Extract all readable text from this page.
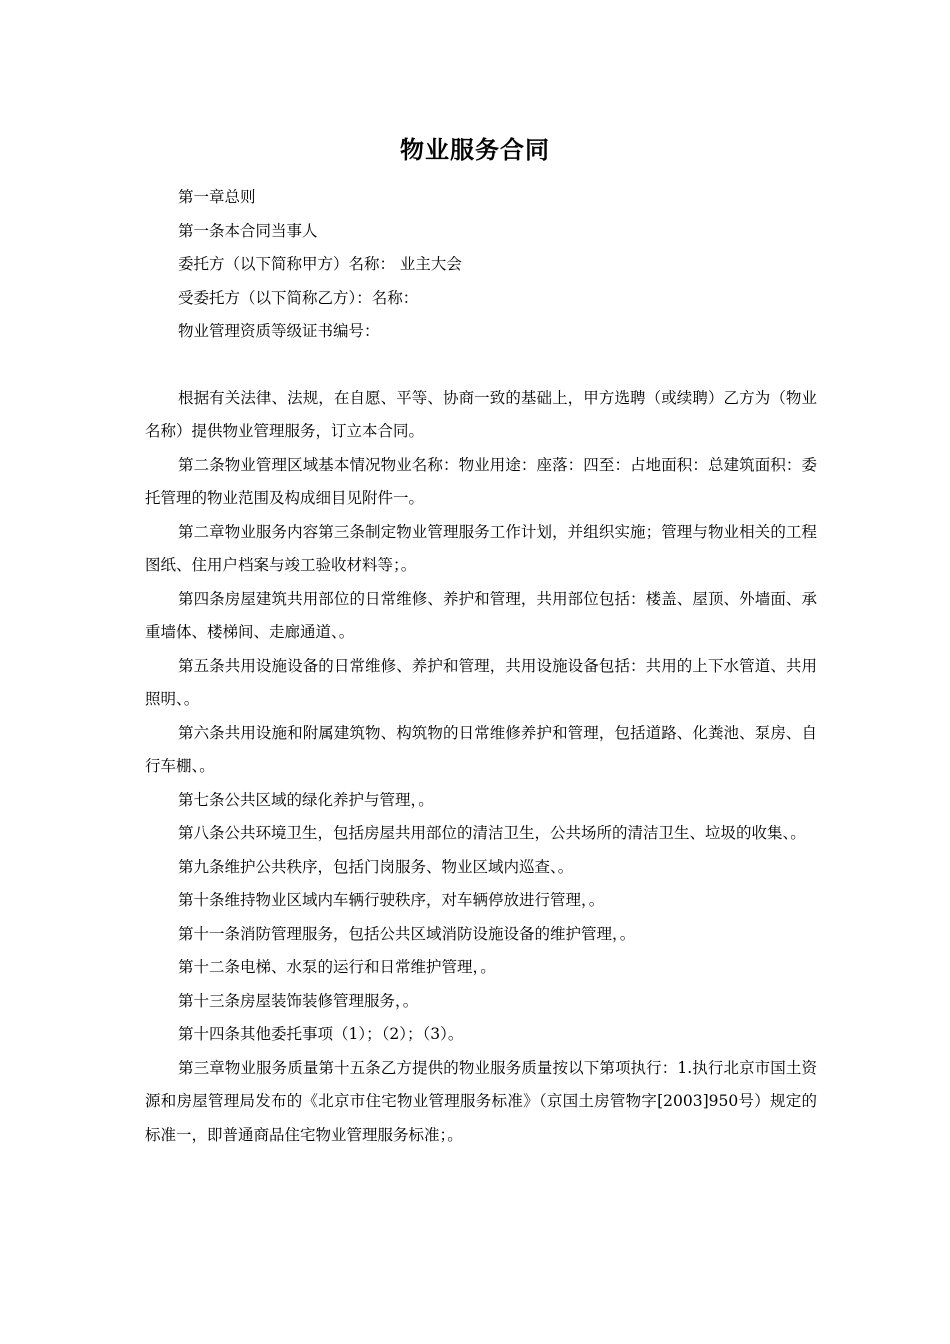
物业服务合同

第一章总则

第一条本合同当事人

委托方（以下简称甲方）名称： 业主大会

受委托方（以下简称乙方）：名称：

物业管理资质等级证书编号：

根据有关法律、法规，在自愿、平等、协商一致的基础上，甲方选聘（或续聘）乙方为（物业名称）提供物业管理服务，订立本合同。

第二条物业管理区域基本情况物业名称：物业用途：座落：四至：占地面积：总建筑面积：委托管理的物业范围及构成细目见附件一。

第二章物业服务内容第三条制定物业管理服务工作计划，并组织实施；管理与物业相关的工程图纸、住用户档案与竣工验收材料等；。

第四条房屋建筑共用部位的日常维修、养护和管理，共用部位包括：楼盖、屋顶、外墙面、承重墙体、楼梯间、走廊通道、。

第五条共用设施设备的日常维修、养护和管理，共用设施设备包括：共用的上下水管道、共用照明、。

第六条共用设施和附属建筑物、构筑物的日常维修养护和管理，包括道路、化粪池、泵房、自行车棚、。

第七条公共区域的绿化养护与管理，。

第八条公共环境卫生，包括房屋共用部位的清洁卫生，公共场所的清洁卫生、垃圾的收集、。

第九条维护公共秩序，包括门岗服务、物业区域内巡查、。

第十条维持物业区域内车辆行驶秩序，对车辆停放进行管理，。

第十一条消防管理服务，包括公共区域消防设施设备的维护管理，。

第十二条电梯、水泵的运行和日常维护管理，。

第十三条房屋装饰装修管理服务，。

第十四条其他委托事项（1）；（2）；（3）。

第三章物业服务质量第十五条乙方提供的物业服务质量按以下第项执行：1.执行北京市国土资源和房屋管理局发布的《北京市住宅物业管理服务标准》（京国土房管物字[2003]950号）规定的标准一，即普通商品住宅物业管理服务标准；。
